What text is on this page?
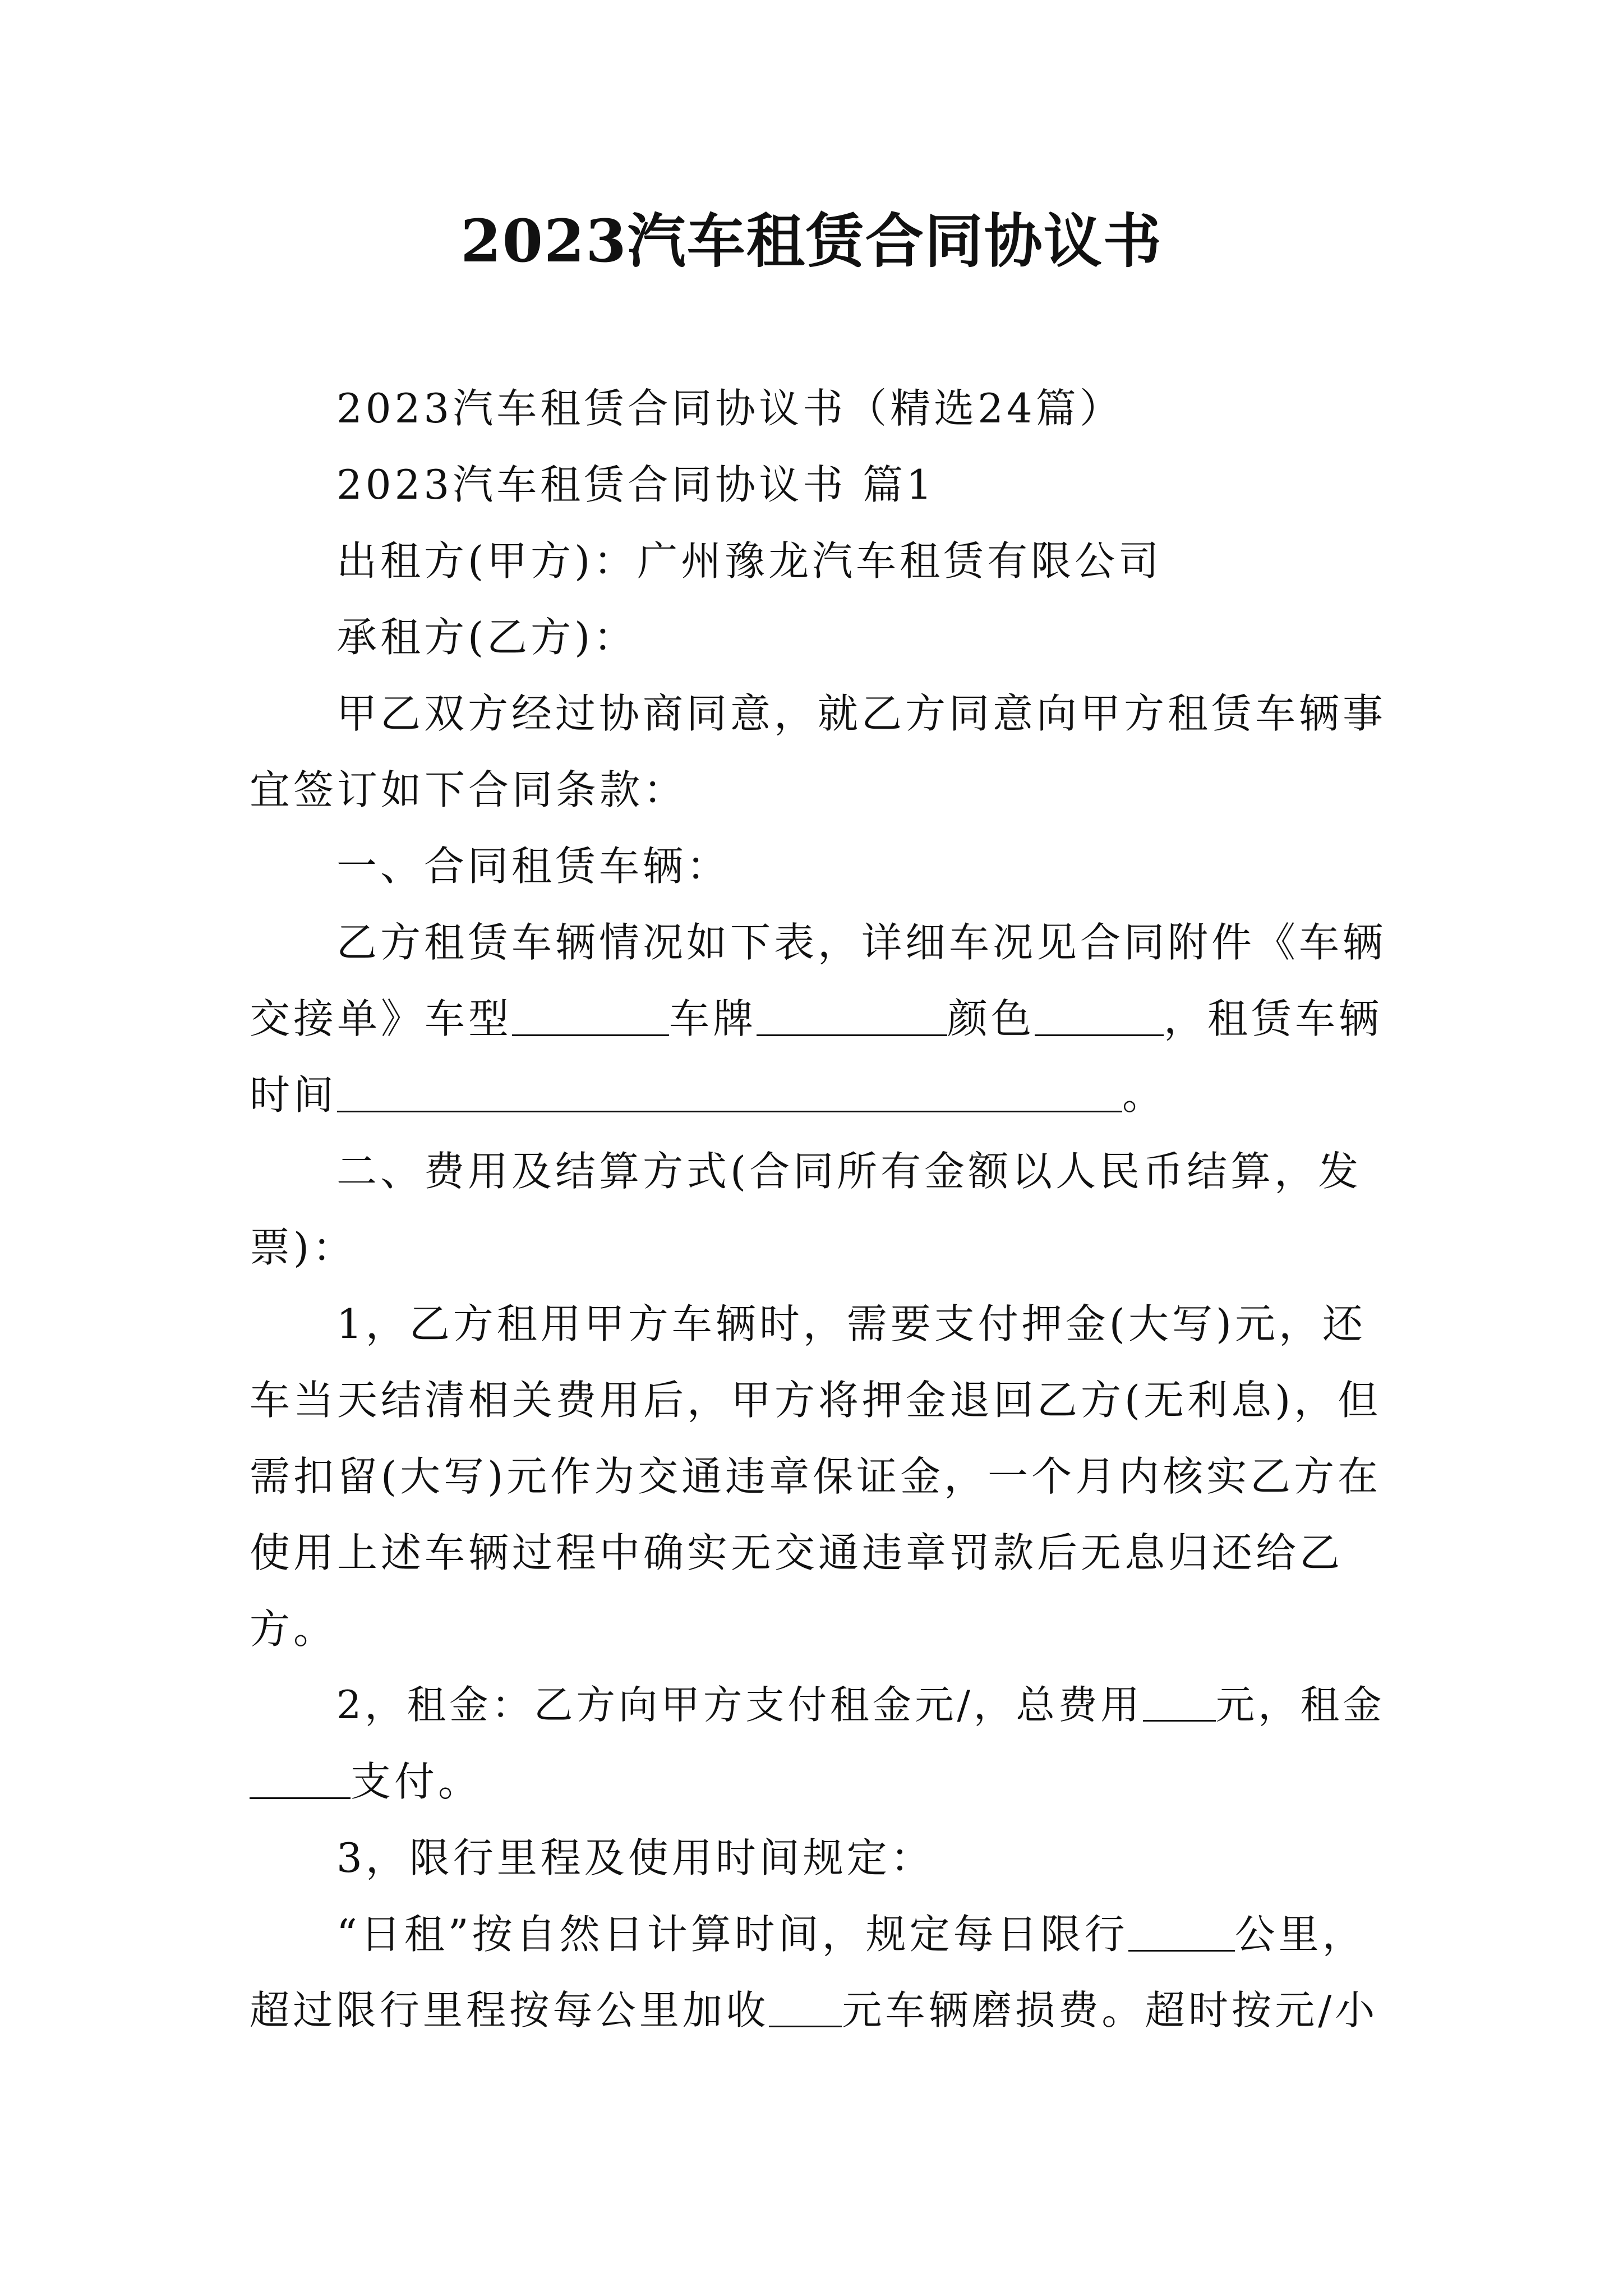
2023汽车租赁合同协议书
2023汽车租赁合同协议书（精选24篇）
2023汽车租赁合同协议书 篇1
出租方(甲方)：广州豫龙汽车租赁有限公司
承租方(乙方)：
甲乙双方经过协商同意，就乙方同意向甲方租赁车辆事
宜签订如下合同条款：
一、合同租赁车辆：
乙方租赁车辆情况如下表，详细车况见合同附件《车辆
交接单》车型	车牌	颜色	，租赁车辆
时间	。
二、费用及结算方式(合同所有金额以人民币结算，发
票)：
1，乙方租用甲方车辆时，需要支付押金(大写)元，还
车当天结清相关费用后，甲方将押金退回乙方(无利息)，但
需扣留(大写)元作为交通违章保证金，一个月内核实乙方在
使用上述车辆过程中确实无交通违章罚款后无息归还给乙
方。
2，租金：乙方向甲方支付租金元/，总费用 元，租金
支付。
3，限行里程及使用时间规定：
“日租”按自然日计算时间，规定每日限行	公里，
超过限行里程按每公里加收 元车辆磨损费。超时按元/小
